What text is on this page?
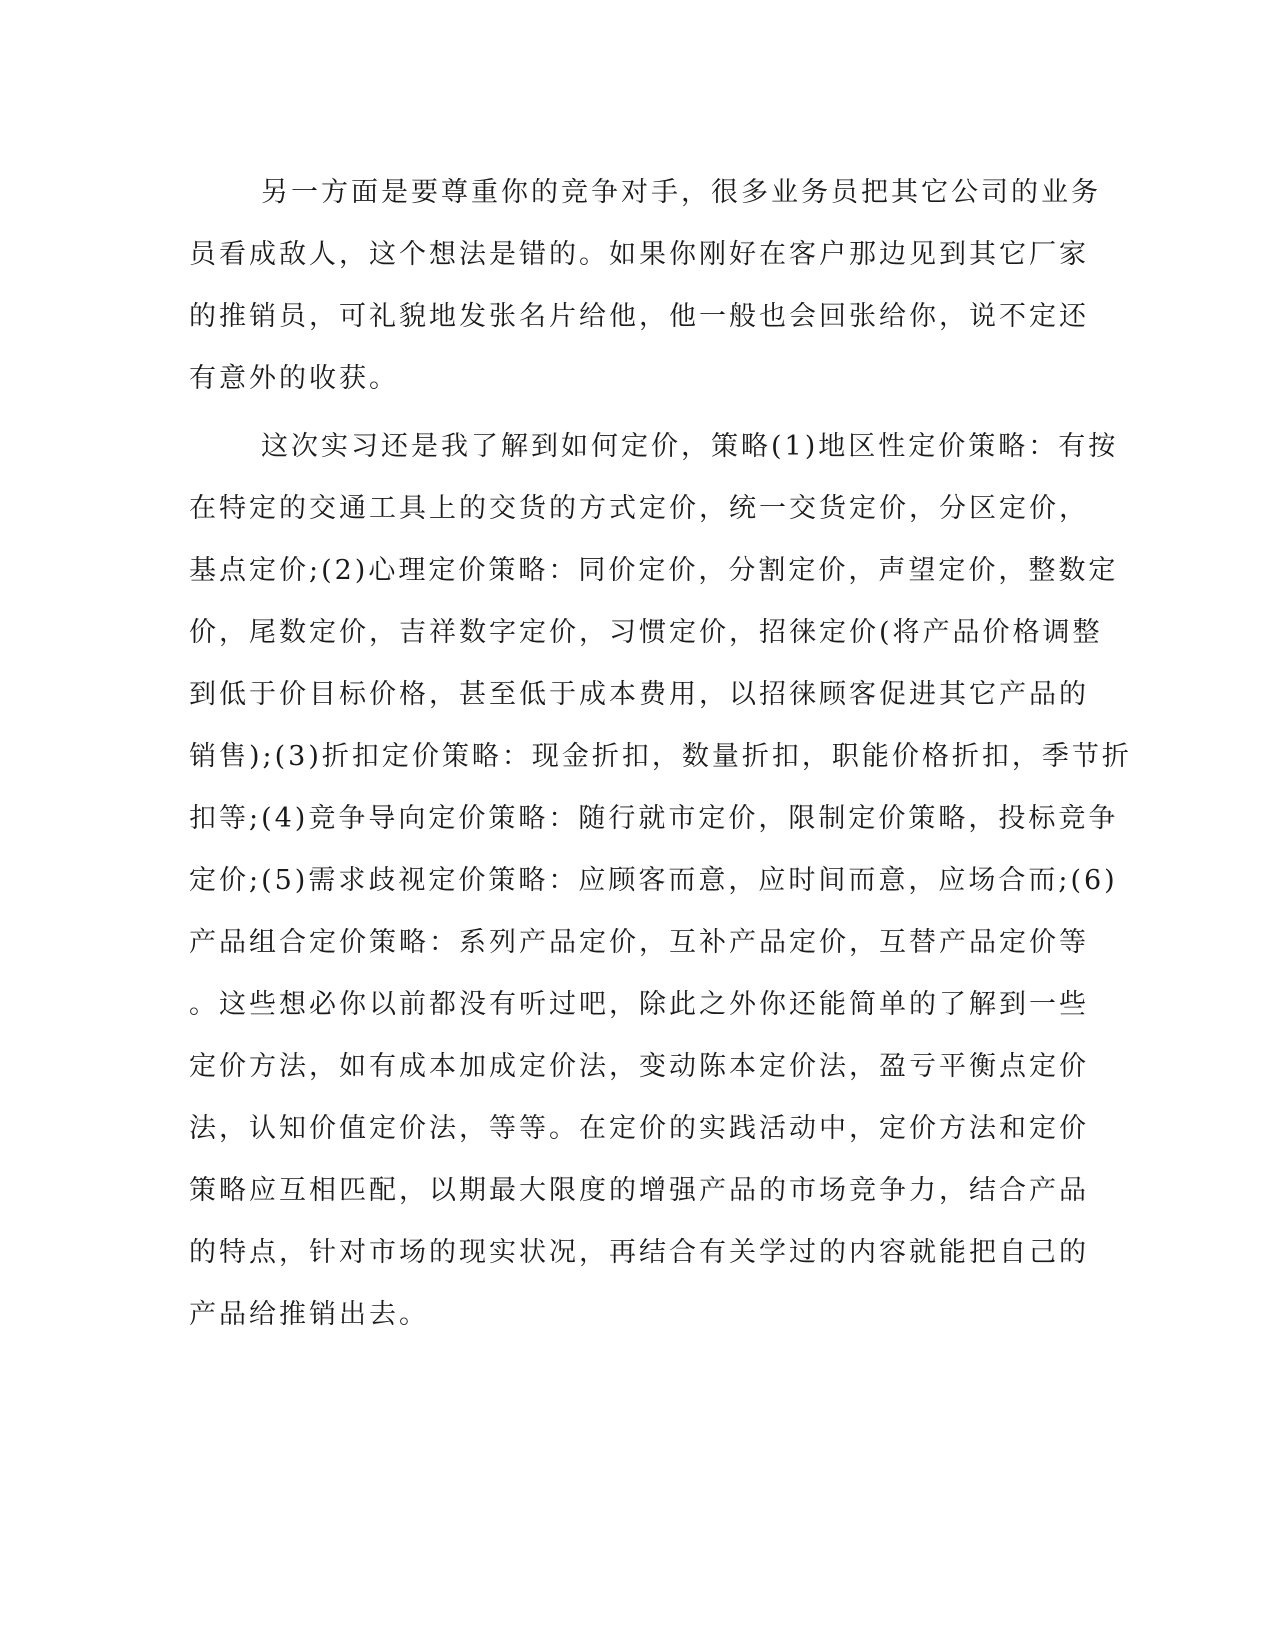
另一方面是要尊重你的竞争对手，很多业务员把其它公司的业务
员看成敌人，这个想法是错的。如果你刚好在客户那边见到其它厂家
的推销员，可礼貌地发张名片给他，他一般也会回张给你，说不定还
有意外的收获。
这次实习还是我了解到如何定价，策略(1)地区性定价策略：有按
在特定的交通工具上的交货的方式定价，统一交货定价，分区定价，
基点定价;(2)心理定价策略：同价定价，分割定价，声望定价，整数定
价，尾数定价，吉祥数字定价，习惯定价，招徕定价(将产品价格调整
到低于价目标价格，甚至低于成本费用，以招徕顾客促进其它产品的
销售);(3)折扣定价策略：现金折扣，数量折扣，职能价格折扣，季节折
扣等;(4)竞争导向定价策略：随行就市定价，限制定价策略，投标竞争
定价;(5)需求歧视定价策略：应顾客而意，应时间而意，应场合而;(6)
产品组合定价策略：系列产品定价，互补产品定价，互替产品定价等
。这些想必你以前都没有听过吧，除此之外你还能简单的了解到一些
定价方法，如有成本加成定价法，变动陈本定价法，盈亏平衡点定价
法，认知价值定价法，等等。在定价的实践活动中，定价方法和定价
策略应互相匹配，以期最大限度的增强产品的市场竞争力，结合产品
的特点，针对市场的现实状况，再结合有关学过的内容就能把自己的
产品给推销出去。
